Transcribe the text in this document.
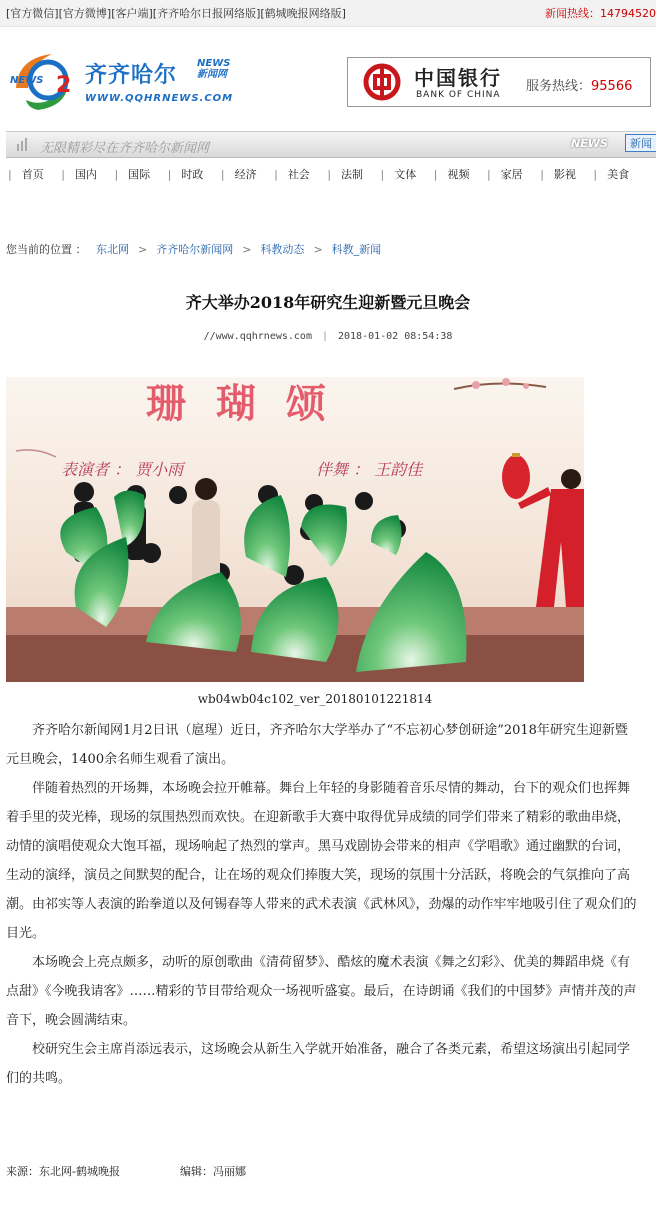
[官方微信][官方微博][客户端][齐齐哈尔日报网络版][鹤城晚报网络版]	新闻热线：14794520
NEWS 2 齐齐哈尔 NEWS
新闻网
WWW.QQHRNEWS.COM
中国银行
BANK OF CHINA
服务热线：95566
无限精彩尽在齐齐哈尔新闻网	NEWS	新闻
| 首页 | 国内 | 国际 | 时政 | 经济 | 社会 | 法制 | 文体 | 视频 | 家居 | 影视 | 美食
您当前的位置 ： 东北网 > 齐齐哈尔新闻网 > 科教动态 > 科教_新闻
齐大举办2018年研究生迎新暨元旦晚会
//www.qqhrnews.com | 2018-01-02 08:54:38
珊 瑚 颂
表演者 ： 贾小雨	伴舞 ： 王韵佳
wb04wb04c102_ver_20180101221814

齐齐哈尔新闻网1月2日讯（扈瑆）近日，齐齐哈尔大学举办了“不忘初心梦创研途”2018年研究生迎新暨元旦晚会，1400余名师生观看了演出。

伴随着热烈的开场舞，本场晚会拉开帷幕。舞台上年轻的身影随着音乐尽情的舞动，台下的观众们也挥舞着手里的荧光棒，现场的氛围热烈而欢快。在迎新歌手大赛中取得优异成绩的同学们带来了精彩的歌曲串烧，动情的演唱使观众大饱耳福，现场响起了热烈的掌声。黑马戏剧协会带来的相声《学唱歌》通过幽默的台词，生动的演绎，演员之间默契的配合，让在场的观众们捧腹大笑，现场的氛围十分活跃，将晚会的气氛推向了高潮。由祁实等人表演的跆拳道以及何锡春等人带来的武术表演《武林风》，劲爆的动作牢牢地吸引住了观众们的目光。

本场晚会上亮点颇多，动听的原创歌曲《清荷留梦》、酷炫的魔术表演《舞之幻彩》、优美的舞蹈串烧《有点甜》《今晚我请客》……精彩的节目带给观众一场视听盛宴。最后，在诗朗诵《我们的中国梦》声情并茂的声音下，晚会圆满结束。

校研究生会主席肖添远表示，这场晚会从新生入学就开始准备，融合了各类元素，希望这场演出引起同学们的共鸣。

来源：东北网-鹤城晚报	编辑：冯丽娜
